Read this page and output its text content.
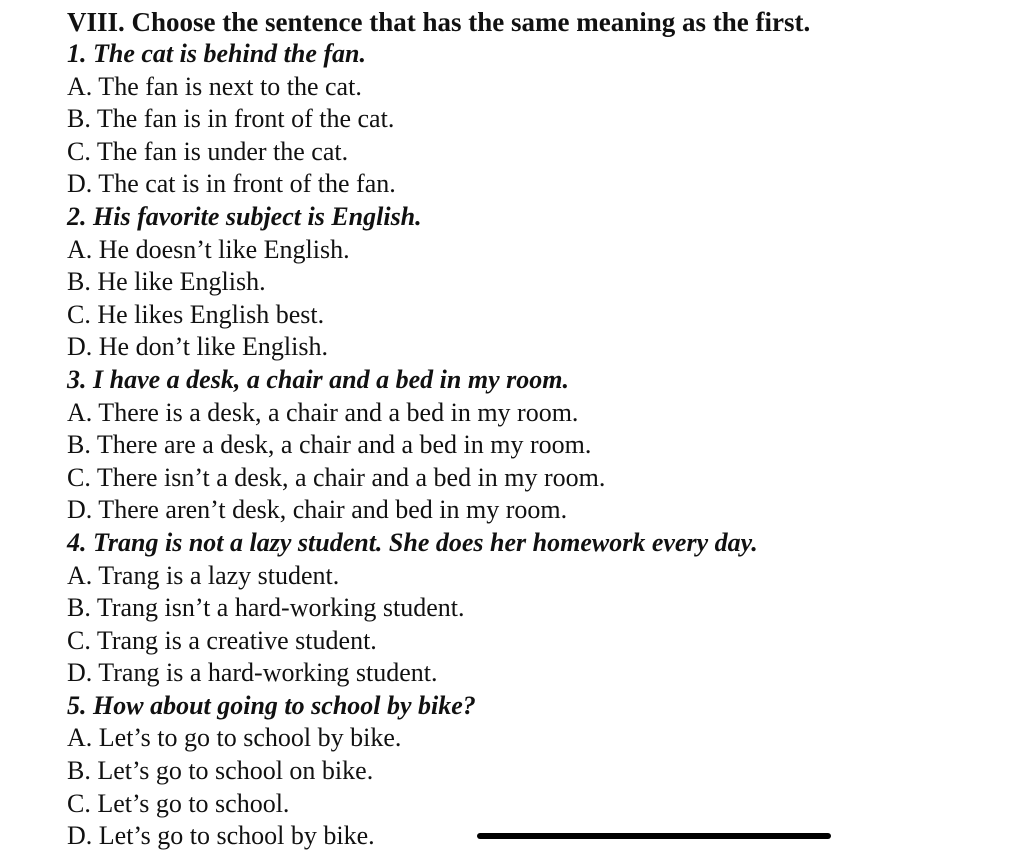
VIII. Choose the sentence that has the same meaning as the first.
1. The cat is behind the fan.
A. The fan is next to the cat.
B. The fan is in front of the cat.
C. The fan is under the cat.
D. The cat is in front of the fan.
2. His favorite subject is English.
A. He doesn’t like English.
B. He like English.
C. He likes English best.
D. He don’t like English.
3. I have a desk, a chair and a bed in my room.
A. There is a desk, a chair and a bed in my room.
B. There are a desk, a chair and a bed in my room.
C. There isn’t a desk, a chair and a bed in my room.
D. There aren’t desk, chair and bed in my room.
4. Trang is not a lazy student. She does her homework every day.
A. Trang is a lazy student.
B. Trang isn’t a hard-working student.
C. Trang is a creative student.
D. Trang is a hard-working student.
5. How about going to school by bike?
A. Let’s to go to school by bike.
B. Let’s go to school on bike.
C. Let’s go to school.
D. Let’s go to school by bike.
